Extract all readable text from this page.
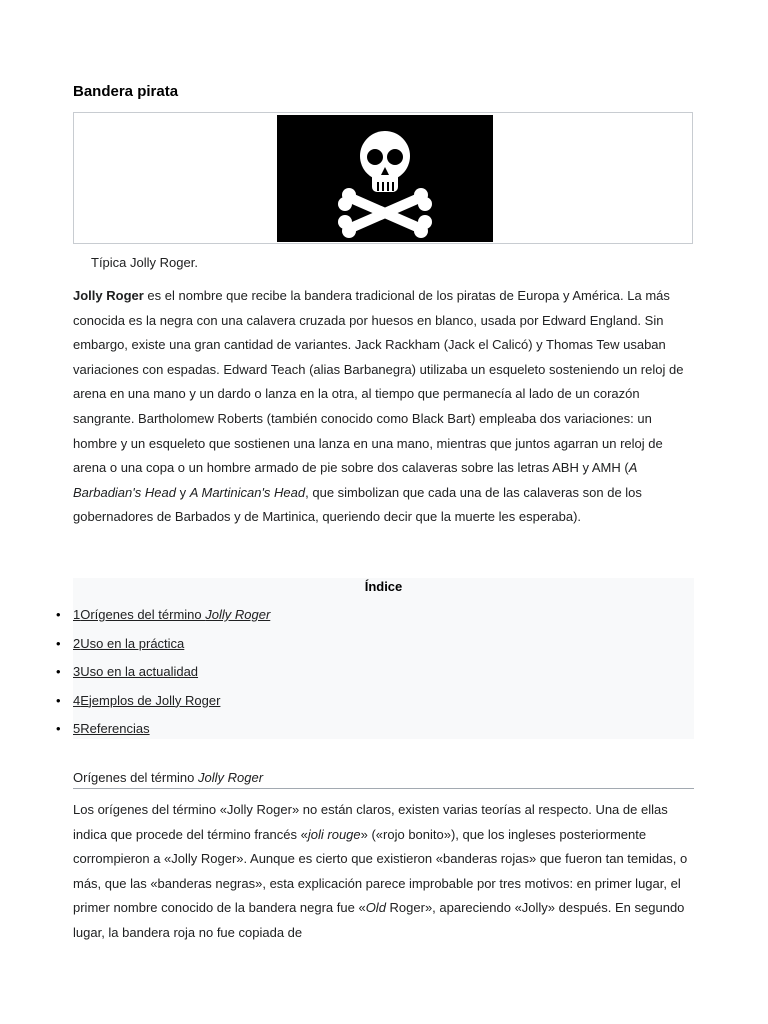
Bandera pirata

Típica Jolly Roger.

Jolly Roger es el nombre que recibe la bandera tradicional de los piratas de Europa y América. La más conocida es la negra con una calavera cruzada por huesos en blanco, usada por Edward England. Sin embargo, existe una gran cantidad de variantes. Jack Rackham (Jack el Calicó) y Thomas Tew usaban variaciones con espadas. Edward Teach (alias Barbanegra) utilizaba un esqueleto sosteniendo un reloj de arena en una mano y un dardo o lanza en la otra, al tiempo que permanecía al lado de un corazón sangrante. Bartholomew Roberts (también conocido como Black Bart) empleaba dos variaciones: un hombre y un esqueleto que sostienen una lanza en una mano, mientras que juntos agarran un reloj de arena o una copa o un hombre armado de pie sobre dos calaveras sobre las letras ABH y AMH (A Barbadian's Head y A Martinican's Head, que simbolizan que cada una de las calaveras son de los gobernadores de Barbados y de Martinica, queriendo decir que la muerte les esperaba).

Índice
• 1Orígenes del término Jolly Roger
• 2Uso en la práctica
• 3Uso en la actualidad
• 4Ejemplos de Jolly Roger
• 5Referencias
Orígenes del término Jolly Roger

Los orígenes del término «Jolly Roger» no están claros, existen varias teorías al respecto. Una de ellas indica que procede del término francés «joli rouge» («rojo bonito»), que los ingleses posteriormente corrompieron a «Jolly Roger». Aunque es cierto que existieron «banderas rojas» que fueron tan temidas, o más, que las «banderas negras», esta explicación parece improbable por tres motivos: en primer lugar, el primer nombre conocido de la bandera negra fue «Old Roger», apareciendo «Jolly» después. En segundo lugar, la bandera roja no fue copiada de
